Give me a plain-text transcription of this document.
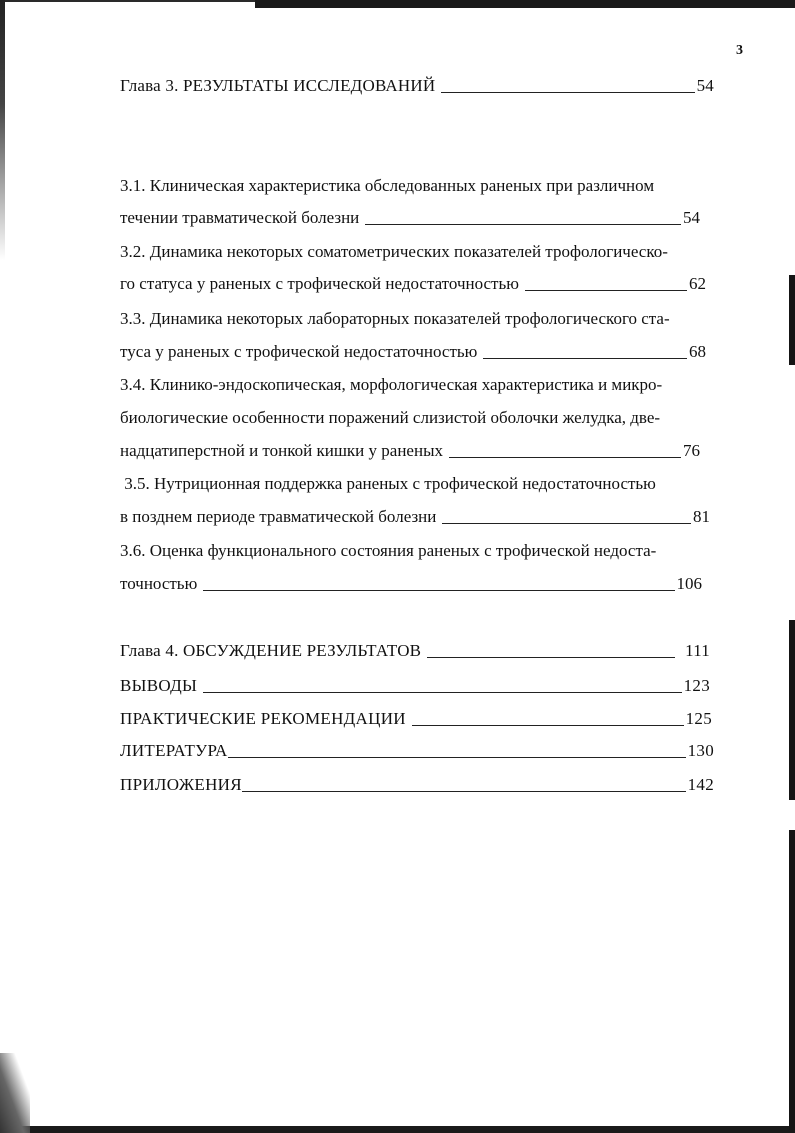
3
Глава 3. РЕЗУЛЬТАТЫ ИССЛЕДОВАНИЙ	54
3.1. Клиническая характеристика обследованных раненых при различном
течении травматической болезни	54
3.2. Динамика некоторых соматометрических показателей трофологическо-
го статуса у раненых с трофической недостаточностью	62
3.3. Динамика некоторых лабораторных показателей трофологического ста-
туса у раненых с трофической недостаточностью	68
3.4. Клинико-эндоскопическая, морфологическая характеристика и микро-
биологические особенности поражений слизистой оболочки желудка, две-
надцатиперстной и тонкой кишки у раненых	76
3.5. Нутриционная поддержка раненых с трофической недостаточностью
в позднем периоде травматической болезни	81
3.6. Оценка функционального состояния раненых с трофической недоста-
точностью	106
Глава 4. ОБСУЖДЕНИЕ РЕЗУЛЬТАТОВ	111
ВЫВОДЫ	123
ПРАКТИЧЕСКИЕ РЕКОМЕНДАЦИИ	125
ЛИТЕРАТУРА	130
ПРИЛОЖЕНИЯ	142
